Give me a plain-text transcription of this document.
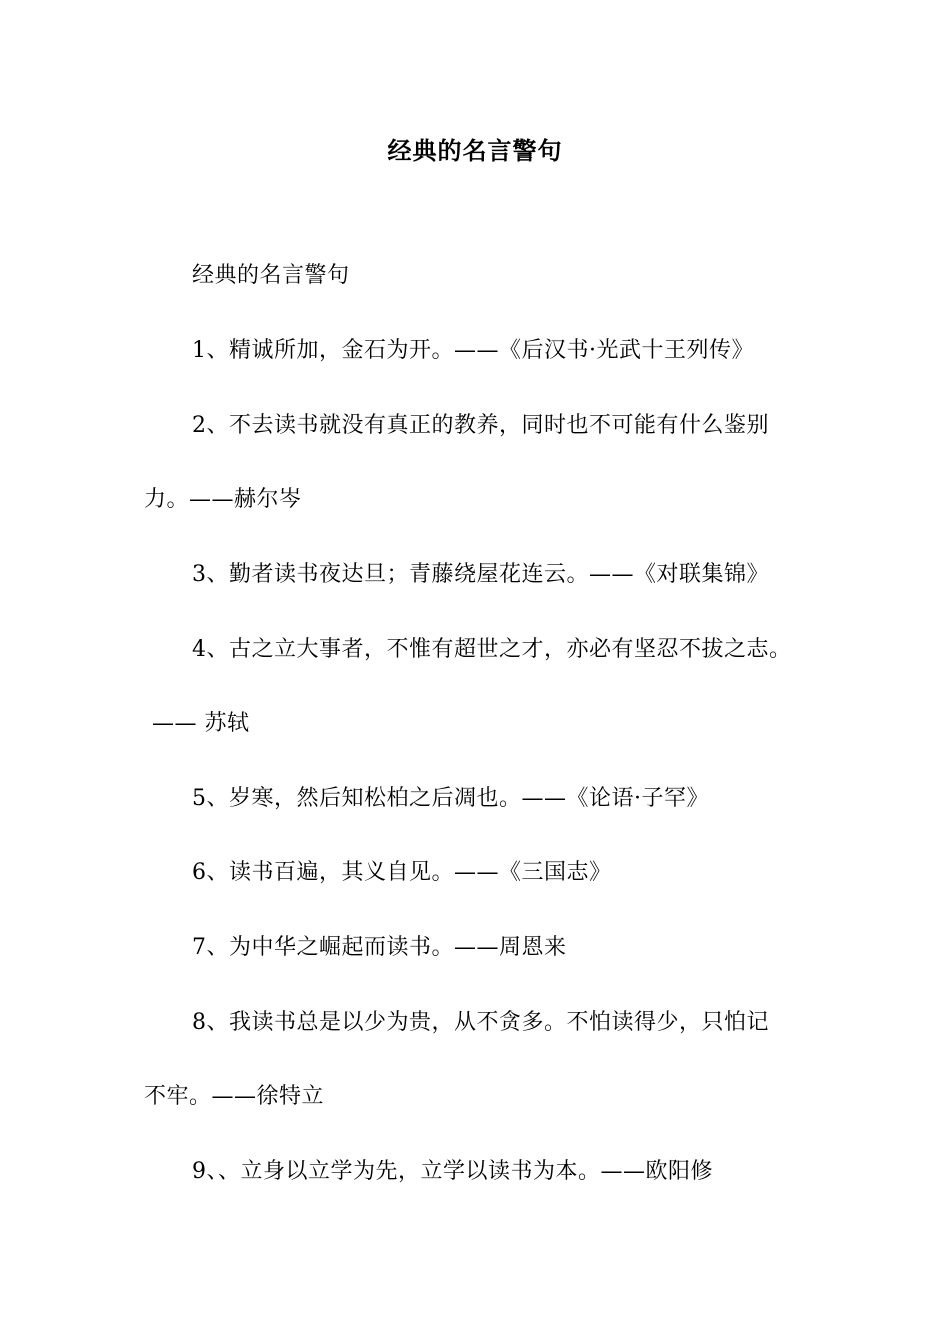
经典的名言警句
经典的名言警句
1、精诚所加，金石为开。——《后汉书·光武十王列传》
2、不去读书就没有真正的教养，同时也不可能有什么鉴别
力。——赫尔岑
3、勤者读书夜达旦；青藤绕屋花连云。——《对联集锦》
4、古之立大事者，不惟有超世之才，亦必有坚忍不拔之志。
—— 苏轼
5、岁寒，然后知松柏之后凋也。——《论语·子罕》
6、读书百遍，其义自见。——《三国志》
7、为中华之崛起而读书。——周恩来
8、我读书总是以少为贵，从不贪多。不怕读得少，只怕记
不牢。——徐特立
9、、立身以立学为先，立学以读书为本。——欧阳修
